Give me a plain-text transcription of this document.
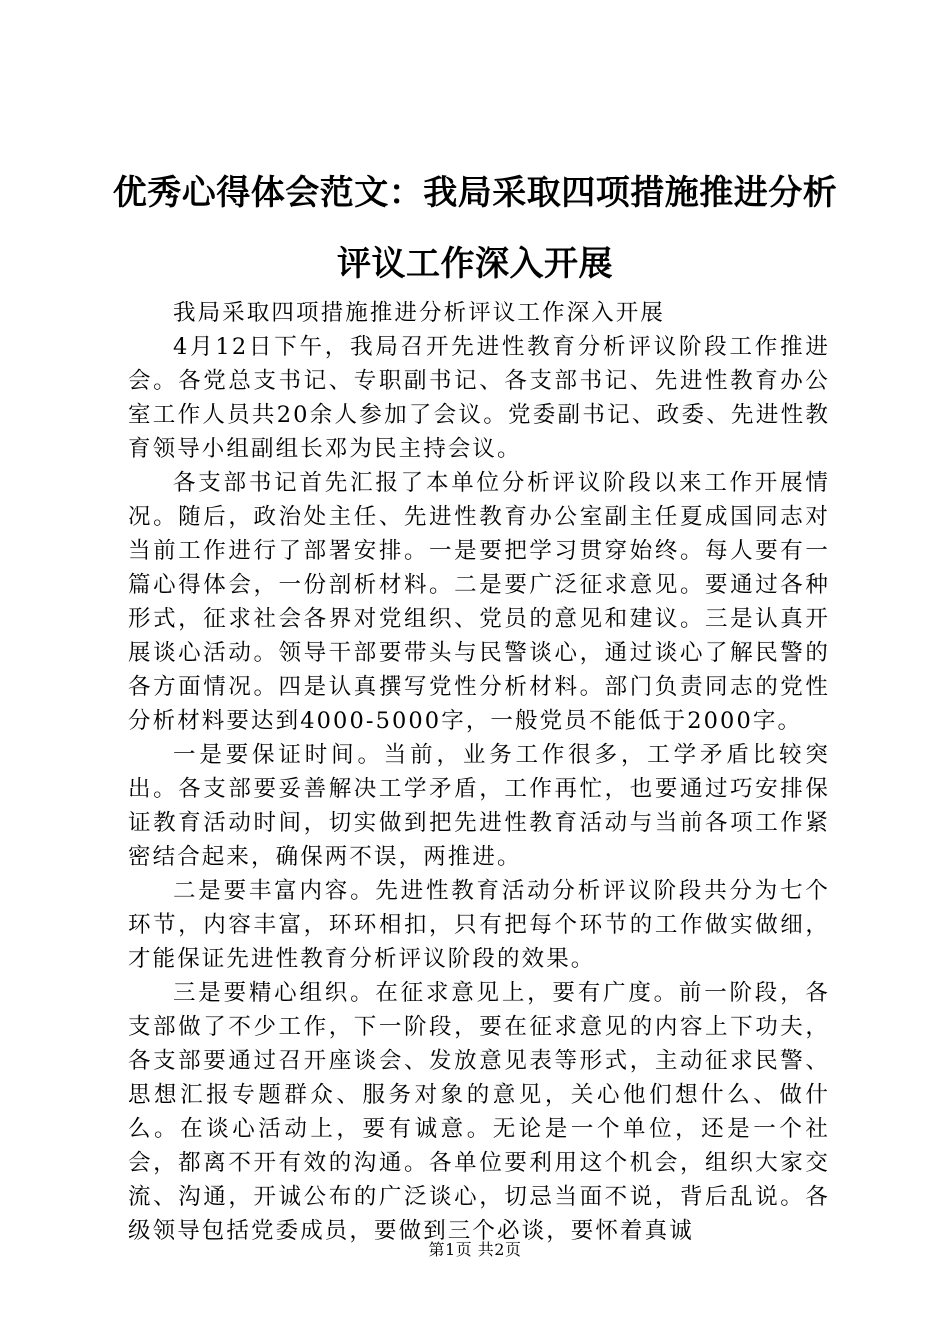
优秀心得体会范文：我局采取四项措施推进分析评议工作深入开展

我局采取四项措施推进分析评议工作深入开展

4月12日下午，我局召开先进性教育分析评议阶段工作推进会。各党总支书记、专职副书记、各支部书记、先进性教育办公室工作人员共20余人参加了会议。党委副书记、政委、先进性教育领导小组副组长邓为民主持会议。

各支部书记首先汇报了本单位分析评议阶段以来工作开展情况。随后，政治处主任、先进性教育办公室副主任夏成国同志对当前工作进行了部署安排。一是要把学习贯穿始终。每人要有一篇心得体会，一份剖析材料。二是要广泛征求意见。要通过各种形式，征求社会各界对党组织、党员的意见和建议。三是认真开展谈心活动。领导干部要带头与民警谈心，通过谈心了解民警的各方面情况。四是认真撰写党性分析材料。部门负责同志的党性分析材料要达到4000-5000字，一般党员不能低于2000字。

一是要保证时间。当前，业务工作很多，工学矛盾比较突出。各支部要妥善解决工学矛盾，工作再忙，也要通过巧安排保证教育活动时间，切实做到把先进性教育活动与当前各项工作紧密结合起来，确保两不误，两推进。

二是要丰富内容。先进性教育活动分析评议阶段共分为七个环节，内容丰富，环环相扣，只有把每个环节的工作做实做细，才能保证先进性教育分析评议阶段的效果。

三是要精心组织。在征求意见上，要有广度。前一阶段，各支部做了不少工作，下一阶段，要在征求意见的内容上下功夫，各支部要通过召开座谈会、发放意见表等形式，主动征求民警、思想汇报专题群众、服务对象的意见，关心他们想什么、做什么。在谈心活动上，要有诚意。无论是一个单位，还是一个社会，都离不开有效的沟通。各单位要利用这个机会，组织大家交流、沟通，开诚公布的广泛谈心，切忌当面不说，背后乱说。各级领导包括党委成员，要做到三个必谈，要怀着真诚

第1页 共2页
